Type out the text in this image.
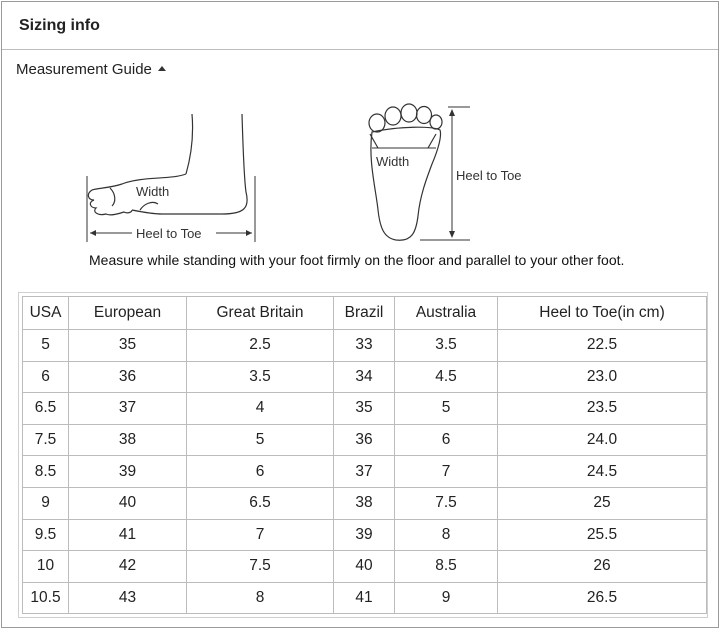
Sizing info
Measurement Guide
Width
Heel to Toe
Width
Heel to Toe
Measure while standing with your foot firmly on the floor and parallel to your other foot.
USA	European	Great Britain	Brazil	Australia	Heel to Toe(in cm)
5	35	2.5	33	3.5	22.5
6	36	3.5	34	4.5	23.0
6.5	37	4	35	5	23.5
7.5	38	5	36	6	24.0
8.5	39	6	37	7	24.5
9	40	6.5	38	7.5	25
9.5	41	7	39	8	25.5
10	42	7.5	40	8.5	26
10.5	43	8	41	9	26.5
